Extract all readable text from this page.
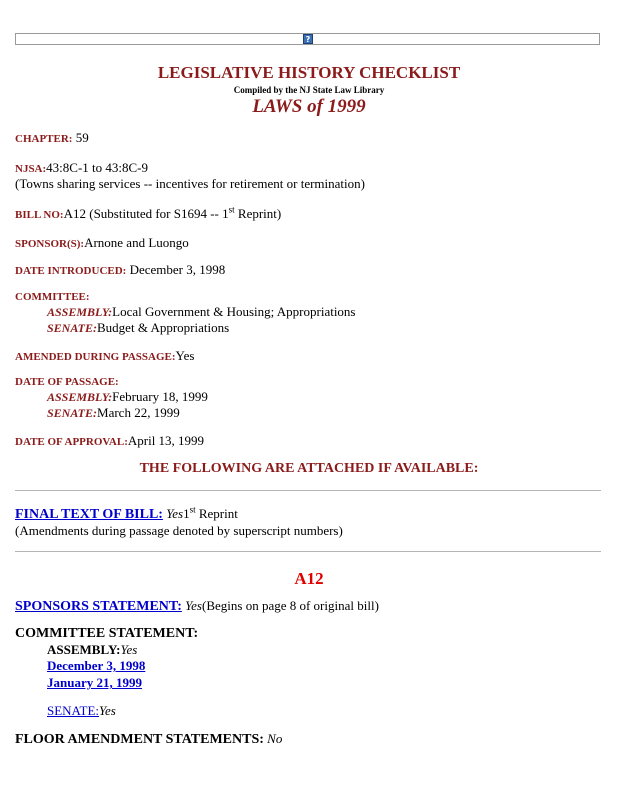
?
LEGISLATIVE HISTORY CHECKLIST
Compiled by the NJ State Law Library
LAWS of 1999
CHAPTER: 59
NJSA:43:8C-1 to 43:8C-9
(Towns sharing services -- incentives for retirement or termination)
BILL NO:A12 (Substituted for S1694 -- 1st Reprint)
SPONSOR(S):Arnone and Luongo
DATE INTRODUCED: December 3, 1998
COMMITTEE:
ASSEMBLY:Local Government & Housing; Appropriations
SENATE:Budget & Appropriations
AMENDED DURING PASSAGE:Yes
DATE OF PASSAGE:
ASSEMBLY:February 18, 1999
SENATE:March 22, 1999
DATE OF APPROVAL:April 13, 1999
THE FOLLOWING ARE ATTACHED IF AVAILABLE:
FINAL TEXT OF BILL: Yes1st Reprint
(Amendments during passage denoted by superscript numbers)
A12
SPONSORS STATEMENT: Yes(Begins on page 8 of original bill)
COMMITTEE STATEMENT:
ASSEMBLY:Yes
December 3, 1998
January 21, 1999
SENATE:Yes
FLOOR AMENDMENT STATEMENTS: No
